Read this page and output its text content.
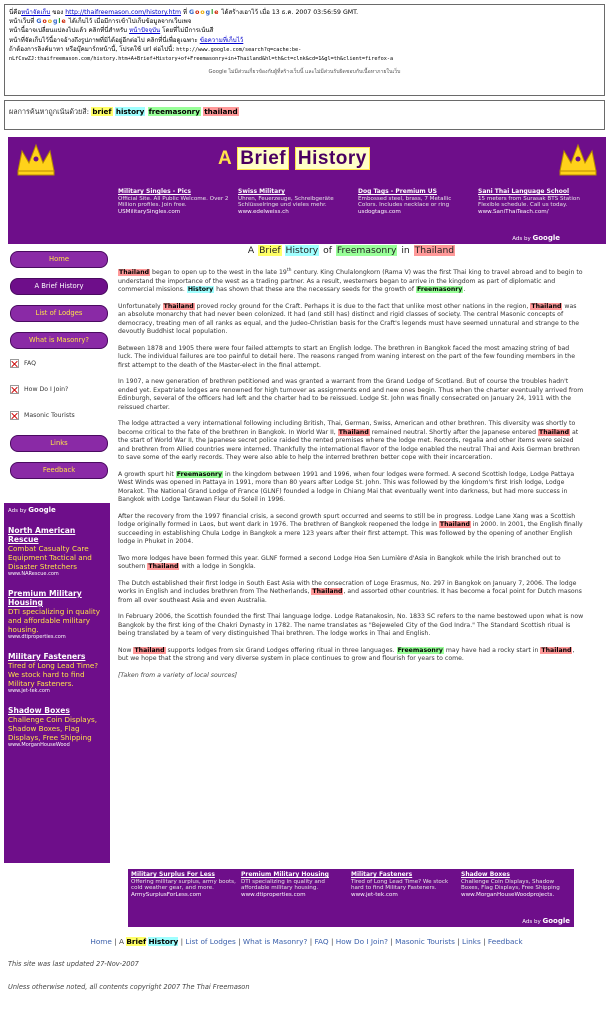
นี่คือหน้าจัดเก็บ ของ http://thaifreemason.com/history.htm ที่ Google ได้สร้างเอาไว้ เมื่อ 13 ธ.ค. 2007 03:56:59 GMT.
หน้าเว็บที่ Google ได้เก็บไว้ เมื่อมีการเข้าไปเก็บข้อมูลจากเว็บเพจ
หน้านี้อาจเปลี่ยนแปลงไปแล้ว คลิกที่นี่สำหรับ หน้าปัจจุบัน โดยที่ไม่มีการเน้นสี
หน้าที่จัดเก็บไว้นี้อาจอ้างถึงรูปภาพที่มิได้อยู่อีกต่อไป คลิกที่นี่เพื่อดูเฉพาะ ข้อความที่เก็บไว้
ถ้าต้องการลิงค์มาหา หรือบุ๊คมาร์กหน้านี้, โปรดใช้ url ต่อไปนี้: http://www.google.com/search?q=cache:be-
nLfCswZJ:thaifreemason.com/history.htm+A+Brief+History+of+Freemasonry+in+Thailand&hl=th&ct=clnk&cd=1&gl=th&client=firefox-a
Google ไม่มีส่วนเกี่ยวข้องกับผู้ที่สร้างเว็บนี้ และไม่มีส่วนรับผิดชอบกับเนื้อหาภายในเว็บ
ผลการค้นหาถูกเน้นด้วยสี: brief history freemasonry thailand
A Brief History
Military Singles - Pics
Official Site. All Public Welcome. Over 2 Million profiles. Join free.
USMilitarySingles.com
Swiss Military
Uhren, Feuerzeuge, Schreibgeräte Schlüsselringe und vieles mehr.
www.edelweiss.ch
Dog Tags - Premium US
Embossed steel, brass, 7 Metallic Colors. Includes necklace or ring
usdogtags.com
Sani Thai Language School
15 meters from Surasak BTS Station Flexible schedule. Call us today.
www.SaniThaiTeach.com/
Ads by Google
Home
A Brief History
List of Lodges
What is Masonry?
FAQ
How Do I Join?
Masonic Tourists
Links
Feedback
Ads by Google
North American Rescue
Combat Casualty Care Equipment Tactical and Disaster Stretchers
www.NARescue.com
Premium Military Housing
DTI specializing in quality and affordable military housing.
www.dtiproperties.com
Military Fasteners
Tired of Long Lead Time? We stock hard to find Military Fasteners.
www.jet-tek.com
Shadow Boxes
Challenge Coin Displays, Shadow Boxes, Flag Displays, Free Shipping
www.MorganHouseWood
A Brief History of Freemasonry in Thailand

Thailand began to open up to the west in the late 19th century. King Chulalongkorn (Rama V) was the first Thai king to travel abroad and to begin to understand the importance of the west as a trading partner. As a result, westerners began to arrive in the kingdom as part of diplomatic and commercial missions. History has shown that these are the necessary seeds for the growth of Freemasonry.

Unfortunately Thailand proved rocky ground for the Craft. Perhaps it is due to the fact that unlike most other nations in the region, Thailand was an absolute monarchy that had never been colonized. It had (and still has) distinct and rigid classes of society. The central Masonic concepts of democracy, treating men of all ranks as equal, and the Judeo-Christian basis for the Craft's legends must have seemed unnatural and strange to the devoutly Buddhist local population.

Between 1878 and 1905 there were four failed attempts to start an English lodge. The brethren in Bangkok faced the most amazing string of bad luck. The individual failures are too painful to detail here. The reasons ranged from waning interest on the part of the few founding members in the first attempt to the death of the Master-elect in the final attempt.

In 1907, a new generation of brethren petitioned and was granted a warrant from the Grand Lodge of Scotland. But of course the troubles hadn't ended yet. Expatriate lodges are renowned for high turnover as assignments end and new ones begin. Thus when the charter eventually arrived from Edinburgh, several of the officers had left and the charter had to be reissued. Lodge St. John was finally consecrated on January 24, 1911 with the reissued charter.

The lodge attracted a very international following including British, Thai, German, Swiss, American and other brethren. This diversity was shortly to become critical to the fate of the brethren in Bangkok. In World War II, Thailand remained neutral. Shortly after the Japanese entered Thailand at the start of World War II, the Japanese secret police raided the rented premises where the lodge met. Records, regalia and other items were seized and brethren from Allied countries were interned. Thankfully the international flavor of the lodge enabled the neutral Thai and Axis German brethren to save some of the early records. They were also able to help the interred brethren better cope with their incarceration.

A growth spurt hit Freemasonry in the kingdom between 1991 and 1996, when four lodges were formed. A second Scottish lodge, Lodge Pattaya West Winds was opened in Pattaya in 1991, more than 80 years after Lodge St. John. This was followed by the kingdom's first Irish lodge, Lodge Morakot. The National Grand Lodge of France (GLNF) founded a lodge in Chiang Mai that eventually went into darkness, but had more success in Bangkok with Lodge Tantawan Fleur du Soleil in 1996.

After the recovery from the 1997 financial crisis, a second growth spurt occurred and seems to still be in progress. Lodge Lane Xang was a Scottish lodge originally formed in Laos, but went dark in 1976. The brethren of Bangkok reopened the lodge in Thailand in 2000. In 2001, the English finally succeeding in establishing Chula Lodge in Bangkok a mere 123 years after their first attempt. This was followed by the opening of another English lodge in Phuket in 2004.

Two more lodges have been formed this year. GLNF formed a second Lodge Hoa Sen Lumière d'Asia in Bangkok while the Irish branched out to southern Thailand with a lodge in Songkla.

The Dutch established their first lodge in South East Asia with the consecration of Loge Erasmus, No. 297 in Bangkok on January 7, 2006. The lodge works in English and includes brethren from The Netherlands, Thailand, and assorted other countries. It has become a focal point for Dutch masons from all over southeast Asia and even Australia.

In February 2006, the Scottish founded the first Thai language lodge. Lodge Ratanakosin, No. 1833 SC refers to the name bestowed upon what is now Bangkok by the first king of the Chakri Dynasty in 1782. The name translates as "Bejeweled City of the God Indra." The Standard Scottish ritual is being translated by a team of very distinguished Thai brethren. The lodge works in Thai and English.

Now Thailand supports lodges from six Grand Lodges offering ritual in three languages. Freemasonry may have had a rocky start in Thailand, but we hope that the strong and very diverse system in place continues to grow and flourish for years to come.

[Taken from a variety of local sources]

Military Surplus For Less
Offering military surplus, army boots, cold weather gear, and more.
ArmySurplusForLess.com
Premium Military Housing
DTI specializing in quality and affordable military housing.
www.dtiproperties.com
Military Fasteners
Tired of Long Lead Time? We stock hard to find Military Fasteners.
www.jet-tek.com
Shadow Boxes
Challenge Coin Displays, Shadow Boxes, Flag Displays, Free Shipping
www.MorganHouseWoodprojects.
Ads by Google
Home | A Brief History | List of Lodges | What is Masonry? | FAQ | How Do I Join? | Masonic Tourists | Links | Feedback
This site was last updated 27-Nov-2007
Unless otherwise noted, all contents copyright 2007 The Thai Freemason
